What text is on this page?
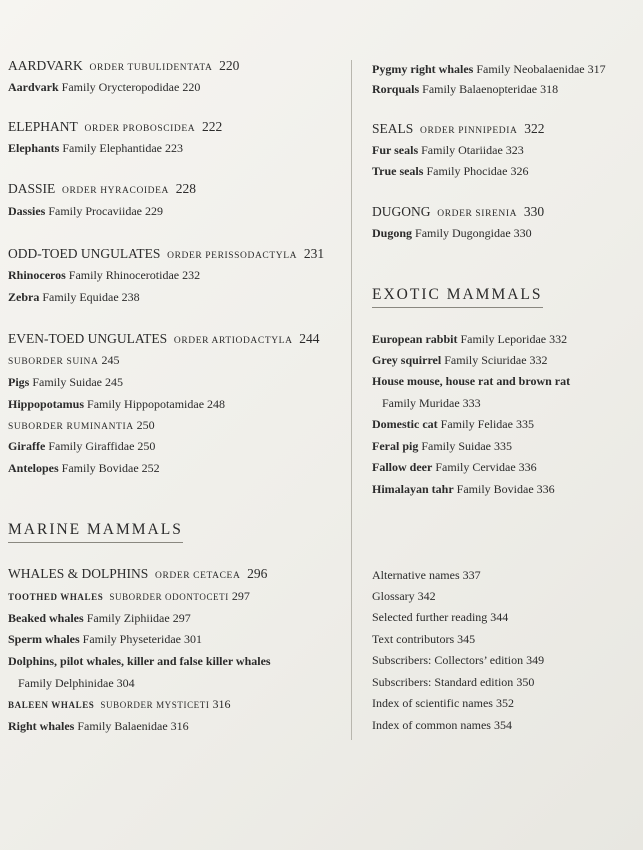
AARDVARK ORDER TUBULIDENTATA 220
Aardvark Family Orycteropodidae 220
ELEPHANT ORDER PROBOSCIDEA 222
Elephants Family Elephantidae 223
DASSIE ORDER HYRACOIDEA 228
Dassies Family Procaviidae 229
ODD-TOED UNGULATES ORDER PERISSODACTYLA 231
Rhinoceros Family Rhinocerotidae 232
Zebra Family Equidae 238
EVEN-TOED UNGULATES ORDER ARTIODACTYLA 244
SUBORDER SUINA 245
Pigs Family Suidae 245
Hippopotamus Family Hippopotamidae 248
SUBORDER RUMINANTIA 250
Giraffe Family Giraffidae 250
Antelopes Family Bovidae 252
MARINE MAMMALS
WHALES & DOLPHINS ORDER CETACEA 296
TOOTHED WHALES SUBORDER ODONTOCETI 297
Beaked whales Family Ziphiidae 297
Sperm whales Family Physeteridae 301
Dolphins, pilot whales, killer and false killer whales
Family Delphinidae 304
BALEEN WHALES SUBORDER MYSTICETI 316
Right whales Family Balaenidae 316
Pygmy right whales Family Neobalaenidae 317
Rorquals Family Balaenopteridae 318
SEALS ORDER PINNIPEDIA 322
Fur seals Family Otariidae 323
True seals Family Phocidae 326
DUGONG ORDER SIRENIA 330
Dugong Family Dugongidae 330
EXOTIC MAMMALS
European rabbit Family Leporidae 332
Grey squirrel Family Sciuridae 332
House mouse, house rat and brown rat
Family Muridae 333
Domestic cat Family Felidae 335
Feral pig Family Suidae 335
Fallow deer Family Cervidae 336
Himalayan tahr Family Bovidae 336
Alternative names 337
Glossary 342
Selected further reading 344
Text contributors 345
Subscribers: Collectors’ edition 349
Subscribers: Standard edition 350
Index of scientific names 352
Index of common names 354
